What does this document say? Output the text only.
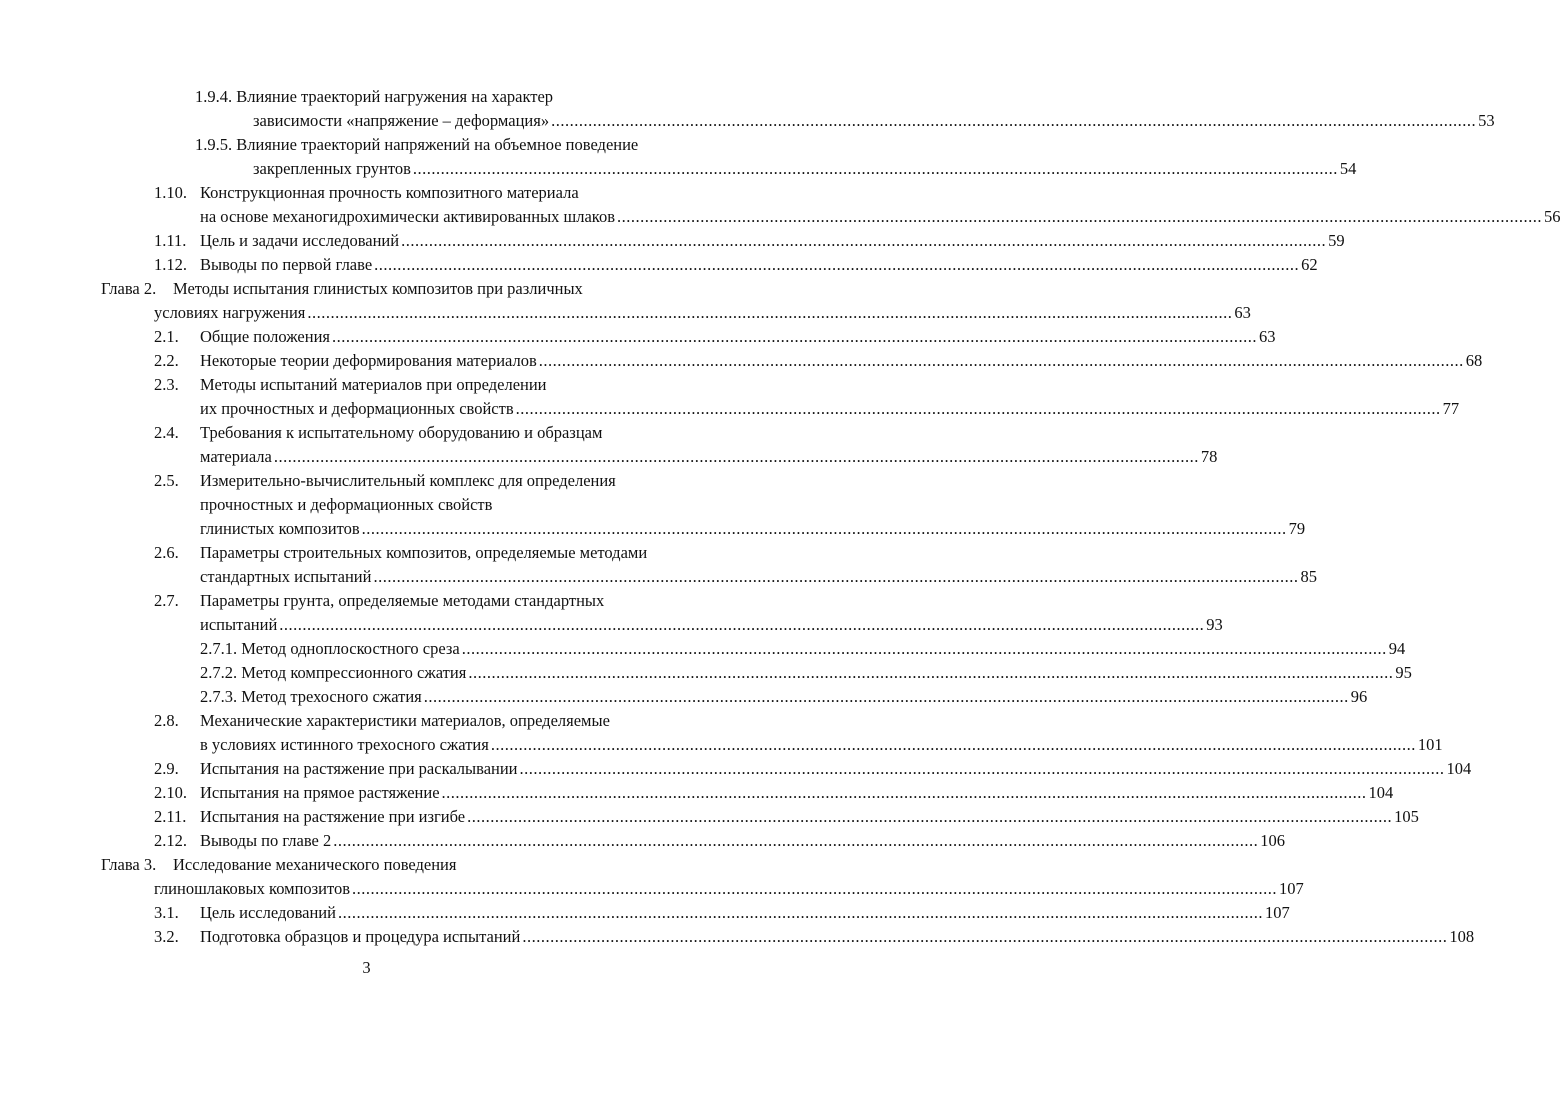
1.9.4. Влияние траекторий нагружения на характер
зависимости «напряжение – деформация» ........................................................................................................................................................................................................ 53
1.9.5. Влияние траекторий напряжений на объемное поведение
закрепленных грунтов ........................................................................................................................................................................................................ 54
1.10. Конструкционная прочность композитного материала
на основе механогидрохимически активированных шлаков ........................................................................................................................................................................................................ 56
1.11. Цель и задачи исследований ........................................................................................................................................................................................................ 59
1.12. Выводы по первой главе ........................................................................................................................................................................................................ 62
Глава 2. Методы испытания глинистых композитов при различных
условиях нагружения ........................................................................................................................................................................................................ 63
2.1. Общие положения ........................................................................................................................................................................................................ 63
2.2. Некоторые теории деформирования материалов ........................................................................................................................................................................................................ 68
2.3. Методы испытаний материалов при определении
их прочностных и деформационных свойств ........................................................................................................................................................................................................ 77
2.4. Требования к испытательному оборудованию и образцам
материала ........................................................................................................................................................................................................ 78
2.5. Измерительно-вычислительный комплекс для определения
прочностных и деформационных свойств
глинистых композитов ........................................................................................................................................................................................................ 79
2.6. Параметры строительных композитов, определяемые методами
стандартных испытаний ........................................................................................................................................................................................................ 85
2.7. Параметры грунта, определяемые методами стандартных
испытаний ........................................................................................................................................................................................................ 93
2.7.1. Метод одноплоскостного среза ........................................................................................................................................................................................................ 94
2.7.2. Метод компрессионного сжатия ........................................................................................................................................................................................................ 95
2.7.3. Метод трехосного сжатия ........................................................................................................................................................................................................ 96
2.8. Механические характеристики материалов, определяемые
в условиях истинного трехосного сжатия ........................................................................................................................................................................................................ 101
2.9. Испытания на растяжение при раскалывании ........................................................................................................................................................................................................ 104
2.10. Испытания на прямое растяжение ........................................................................................................................................................................................................ 104
2.11. Испытания на растяжение при изгибе ........................................................................................................................................................................................................ 105
2.12. Выводы по главе 2 ........................................................................................................................................................................................................ 106
Глава 3. Исследование механического поведения
глиношлаковых композитов ........................................................................................................................................................................................................ 107
3.1. Цель исследований ........................................................................................................................................................................................................ 107
3.2. Подготовка образцов и процедура испытаний ........................................................................................................................................................................................................ 108
3
